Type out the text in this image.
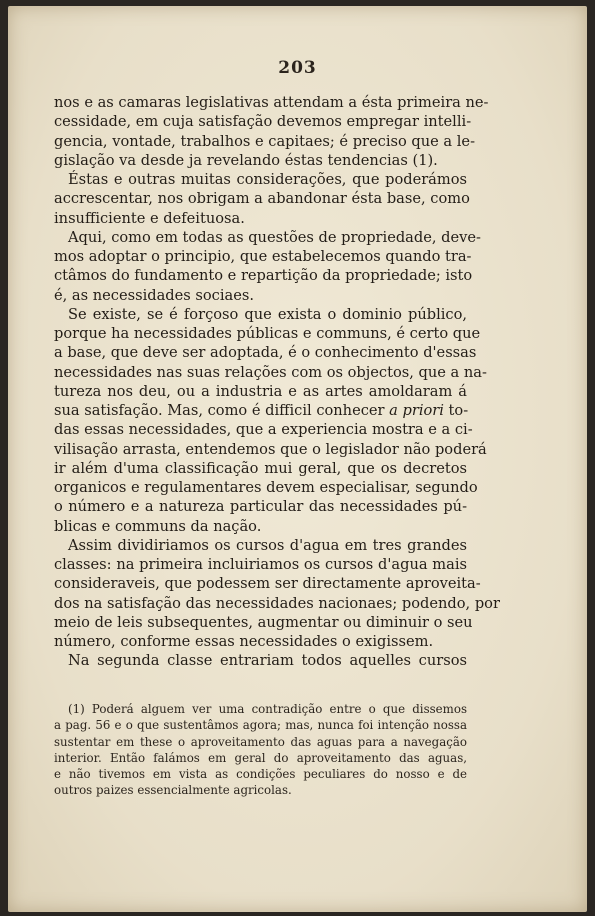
203
nos e as camaras legislativas attendam a ésta primeira ne-
cessidade, em cuja satisfação devemos empregar intelli-
gencia, vontade, trabalhos e capitaes; é preciso que a le-
gislação va desde ja revelando éstas tendencias (1).
Éstas e outras muitas considerações, que poderámos
accrescentar, nos obrigam a abandonar ésta base, como
insufficiente e defeituosa.
Aqui, como em todas as questões de propriedade, deve-
mos adoptar o principio, que estabelecemos quando tra-
ctâmos do fundamento e repartição da propriedade; isto
é, as necessidades sociaes.
Se existe, se é forçoso que exista o dominio público,
porque ha necessidades públicas e communs, é certo que
a base, que deve ser adoptada, é o conhecimento d'essas
necessidades nas suas relações com os objectos, que a na-
tureza nos deu, ou a industria e as artes amoldaram á
sua satisfação. Mas, como é difficil conhecer a priori to-
das essas necessidades, que a experiencia mostra e a ci-
vilisação arrasta, entendemos que o legislador não poderá
ir além d'uma classificação mui geral, que os decretos
organicos e regulamentares devem especialisar, segundo
o número e a natureza particular das necessidades pú-
blicas e communs da nação.
Assim dividiriamos os cursos d'agua em tres grandes
classes: na primeira incluiriamos os cursos d'agua mais
consideraveis, que podessem ser directamente aproveita-
dos na satisfação das necessidades nacionaes; podendo, por
meio de leis subsequentes, augmentar ou diminuir o seu
número, conforme essas necessidades o exigissem.
Na segunda classe entrariam todos aquelles cursos
(1) Poderá alguem ver uma contradição entre o que dissemos
a pag. 56 e o que sustentâmos agora; mas, nunca foi intenção nossa
sustentar em these o aproveitamento das aguas para a navegação
interior. Então falámos em geral do aproveitamento das aguas,
e não tivemos em vista as condições peculiares do nosso e de
outros paizes essencialmente agricolas.
